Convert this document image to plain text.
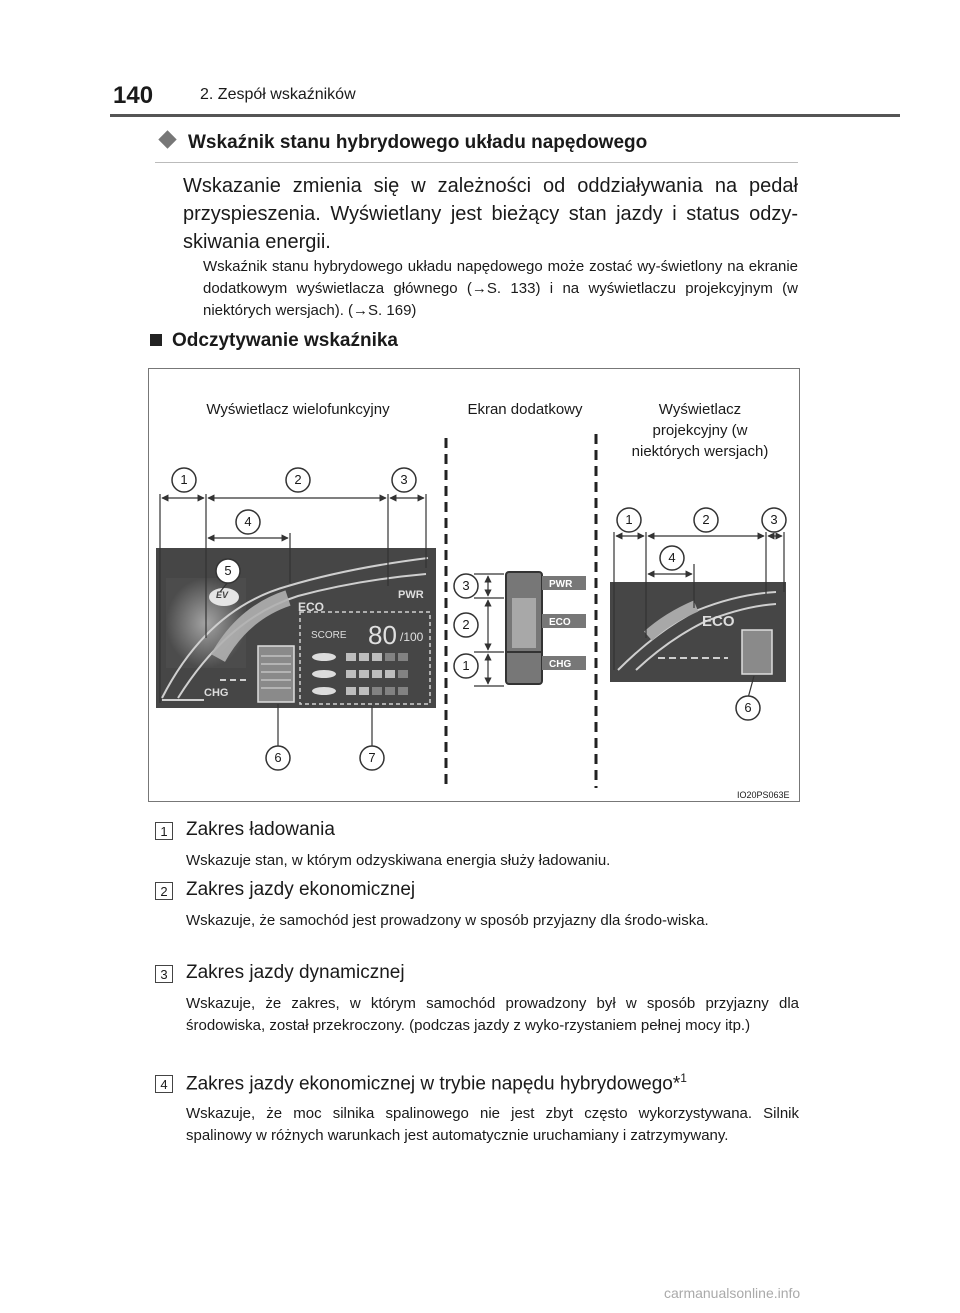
140	2. Zespół wskaźników
Wskaźnik stanu hybrydowego układu napędowego
Wskazanie zmienia się w zależności od oddziaływania na pedał przyspieszenia. Wyświetlany jest bieżący stan jazdy i status odzy-skiwania energii.
Wskaźnik stanu hybrydowego układu napędowego może zostać wy-świetlony na ekranie dodatkowym wyświetlacza głównego (→S. 133) i na wyświetlaczu projekcyjnym (w niektórych wersjach). (→S. 169)
Odczytywanie wskaźnika
Wyświetlacz wielofunkcyjny	Ekran dodatkowy	Wyświetlacz projekcyjny (w niektórych wersjach)
EV
ECO
PWR
CHG
SCORE 80 /100
PWR
ECO
CHG
ECO
1	2	3
4
5
6	7
3
2
1
1	2	3
4
6
IO20PS063E
1 Zakres ładowania
Wskazuje stan, w którym odzyskiwana energia służy ładowaniu.
2 Zakres jazdy ekonomicznej
Wskazuje, że samochód jest prowadzony w sposób przyjazny dla środo-wiska.
3 Zakres jazdy dynamicznej
Wskazuje, że zakres, w którym samochód prowadzony był w sposób przyjazny dla środowiska, został przekroczony. (podczas jazdy z wyko-rzystaniem pełnej mocy itp.)
4 Zakres jazdy ekonomicznej w trybie napędu hybrydowego*$^1$
Wskazuje, że moc silnika spalinowego nie jest zbyt często wykorzystywana. Silnik spalinowy w różnych warunkach jest automatycznie uruchamiany i zatrzymywany.
carmanualsonline.info
